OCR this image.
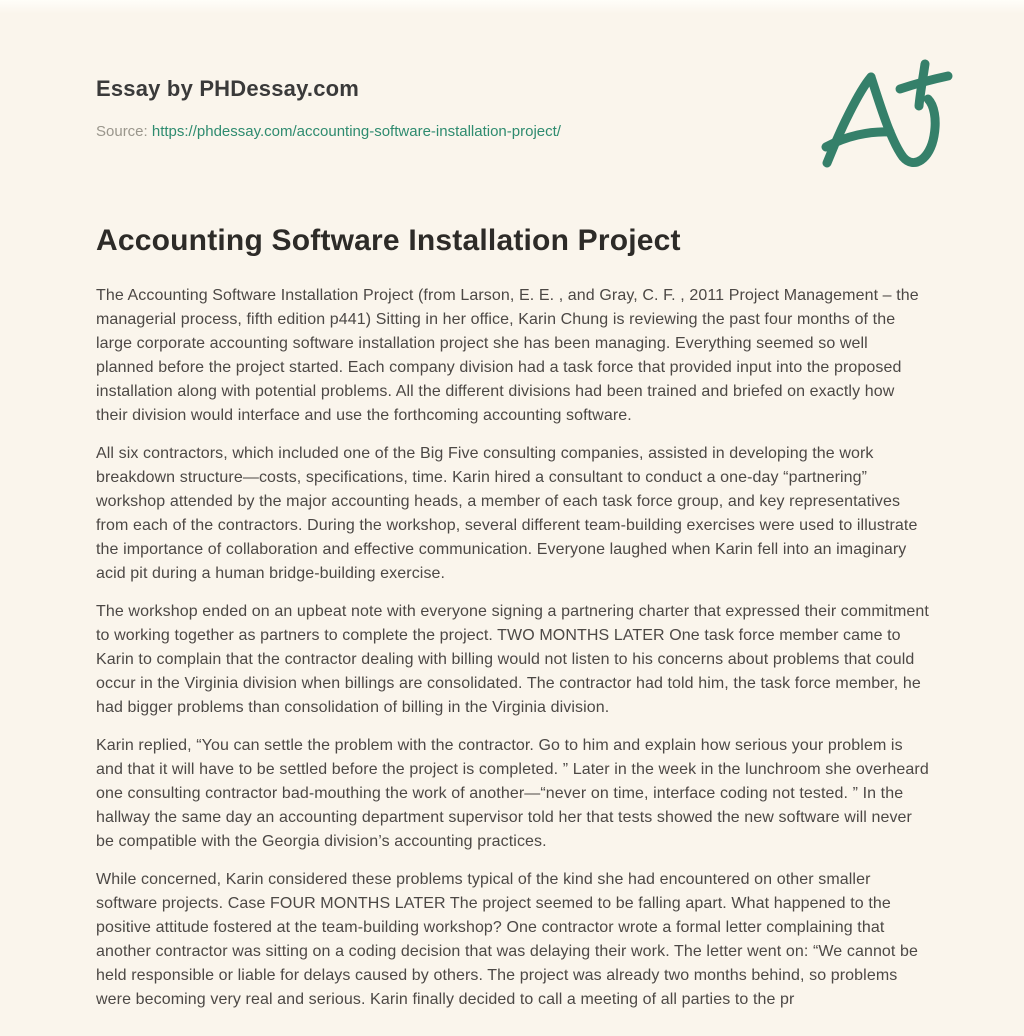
Essay by PHDessay.com
Source: https://phdessay.com/accounting-software-installation-project/
Accounting Software Installation Project

The Accounting Software Installation Project (from Larson, E. E. , and Gray, C. F. , 2011 Project Management – the managerial process, fifth edition p441) Sitting in her office, Karin Chung is reviewing the past four months of the large corporate accounting software installation project she has been managing. Everything seemed so well planned before the project started. Each company division had a task force that provided input into the proposed installation along with potential problems. All the different divisions had been trained and briefed on exactly how their division would interface and use the forthcoming accounting software.

All six contractors, which included one of the Big Five consulting companies, assisted in developing the work breakdown structure—costs, specifications, time. Karin hired a consultant to conduct a one-day “partnering” workshop attended by the major accounting heads, a member of each task force group, and key representatives from each of the contractors. During the workshop, several different team-building exercises were used to illustrate the importance of collaboration and effective communication. Everyone laughed when Karin fell into an imaginary acid pit during a human bridge-building exercise.

The workshop ended on an upbeat note with everyone signing a partnering charter that expressed their commitment to working together as partners to complete the project. TWO MONTHS LATER One task force member came to Karin to complain that the contractor dealing with billing would not listen to his concerns about problems that could occur in the Virginia division when billings are consolidated. The contractor had told him, the task force member, he had bigger problems than consolidation of billing in the Virginia division.

Karin replied, “You can settle the problem with the contractor. Go to him and explain how serious your problem is and that it will have to be settled before the project is completed. ” Later in the week in the lunchroom she overheard one consulting contractor bad-mouthing the work of another—“never on time, interface coding not tested. ” In the hallway the same day an accounting department supervisor told her that tests showed the new software will never be compatible with the Georgia division’s accounting practices.

While concerned, Karin considered these problems typical of the kind she had encountered on other smaller software projects. Case FOUR MONTHS LATER The project seemed to be falling apart. What happened to the positive attitude fostered at the team-building workshop? One contractor wrote a formal letter complaining that another contractor was sitting on a coding decision that was delaying their work. The letter went on: “We cannot be held responsible or liable for delays caused by others. The project was already two months behind, so problems were becoming very real and serious. Karin finally decided to call a meeting of all parties to the pr
